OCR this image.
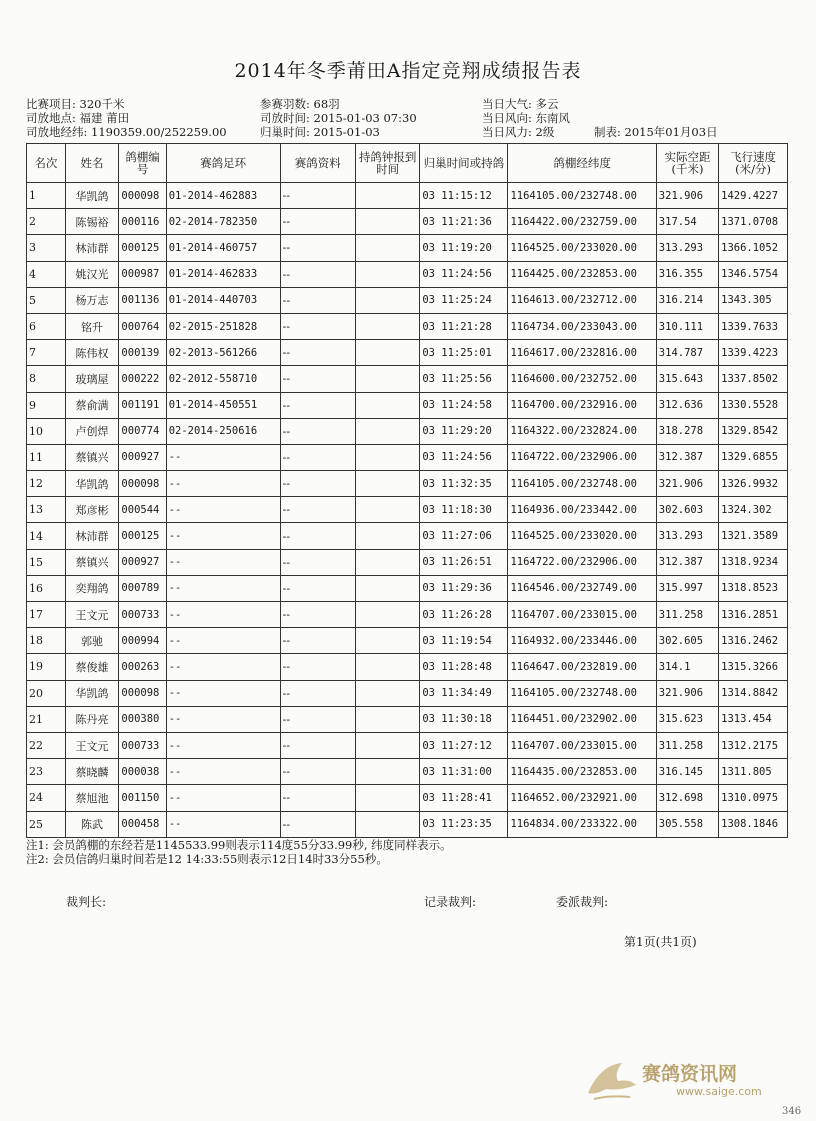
2014年冬季莆田A指定竞翔成绩报告表
比赛项目: 320千米
司放地点: 福建 莆田
司放地经纬: 1190359.00/252259.00
参赛羽数: 68羽
司放时间: 2015-01-03 07:30
归巢时间: 2015-01-03
当日大气: 多云
当日风向: 东南风
当日风力: 2级	制表: 2015年01月03日
名次	姓名	鸽棚编号	赛鸽足环	赛鸽资料	持鸽钟报到时间	归巢时间或持鸽	鸽棚经纬度	实际空距(千米)	飞行速度(米/分)
1	华凯鸽	000098	01-2014-462883	--		03 11:15:12	1164105.00/232748.00	321.906	1429.4227
2	陈锡裕	000116	02-2014-782350	--		03 11:21:36	1164422.00/232759.00	317.54	1371.0708
3	林沛群	000125	01-2014-460757	--		03 11:19:20	1164525.00/233020.00	313.293	1366.1052
4	姚汉光	000987	01-2014-462833	--		03 11:24:56	1164425.00/232853.00	316.355	1346.5754
5	杨万志	001136	01-2014-440703	--		03 11:25:24	1164613.00/232712.00	316.214	1343.305
6	铭升	000764	02-2015-251828	--		03 11:21:28	1164734.00/233043.00	310.111	1339.7633
7	陈伟权	000139	02-2013-561266	--		03 11:25:01	1164617.00/232816.00	314.787	1339.4223
8	玻璃屋	000222	02-2012-558710	--		03 11:25:56	1164600.00/232752.00	315.643	1337.8502
9	蔡俞满	001191	01-2014-450551	--		03 11:24:58	1164700.00/232916.00	312.636	1330.5528
10	卢创焊	000774	02-2014-250616	--		03 11:29:20	1164322.00/232824.00	318.278	1329.8542
11	蔡镇兴	000927	--	--		03 11:24:56	1164722.00/232906.00	312.387	1329.6855
12	华凯鸽	000098	--	--		03 11:32:35	1164105.00/232748.00	321.906	1326.9932
13	郑彦彬	000544	--	--		03 11:18:30	1164936.00/233442.00	302.603	1324.302
14	林沛群	000125	--	--		03 11:27:06	1164525.00/233020.00	313.293	1321.3589
15	蔡镇兴	000927	--	--		03 11:26:51	1164722.00/232906.00	312.387	1318.9234
16	奕翔鸽	000789	--	--		03 11:29:36	1164546.00/232749.00	315.997	1318.8523
17	王文元	000733	--	--		03 11:26:28	1164707.00/233015.00	311.258	1316.2851
18	郭驰	000994	--	--		03 11:19:54	1164932.00/233446.00	302.605	1316.2462
19	蔡俊雄	000263	--	--		03 11:28:48	1164647.00/232819.00	314.1	1315.3266
20	华凯鸽	000098	--	--		03 11:34:49	1164105.00/232748.00	321.906	1314.8842
21	陈丹亮	000380	--	--		03 11:30:18	1164451.00/232902.00	315.623	1313.454
22	王文元	000733	--	--		03 11:27:12	1164707.00/233015.00	311.258	1312.2175
23	蔡晓麟	000038	--	--		03 11:31:00	1164435.00/232853.00	316.145	1311.805
24	蔡旭池	001150	--	--		03 11:28:41	1164652.00/232921.00	312.698	1310.0975
25	陈武	000458	--	--		03 11:23:35	1164834.00/233322.00	305.558	1308.1846
注1: 会员鸽棚的东经若是1145533.99则表示114度55分33.99秒, 纬度同样表示。
注2: 会员信鸽归巢时间若是12 14:33:55则表示12日14时33分55秒。
裁判长:	记录裁判:	委派裁判:
第1页(共1页)
赛鸽资讯网
www.saige.com
346
